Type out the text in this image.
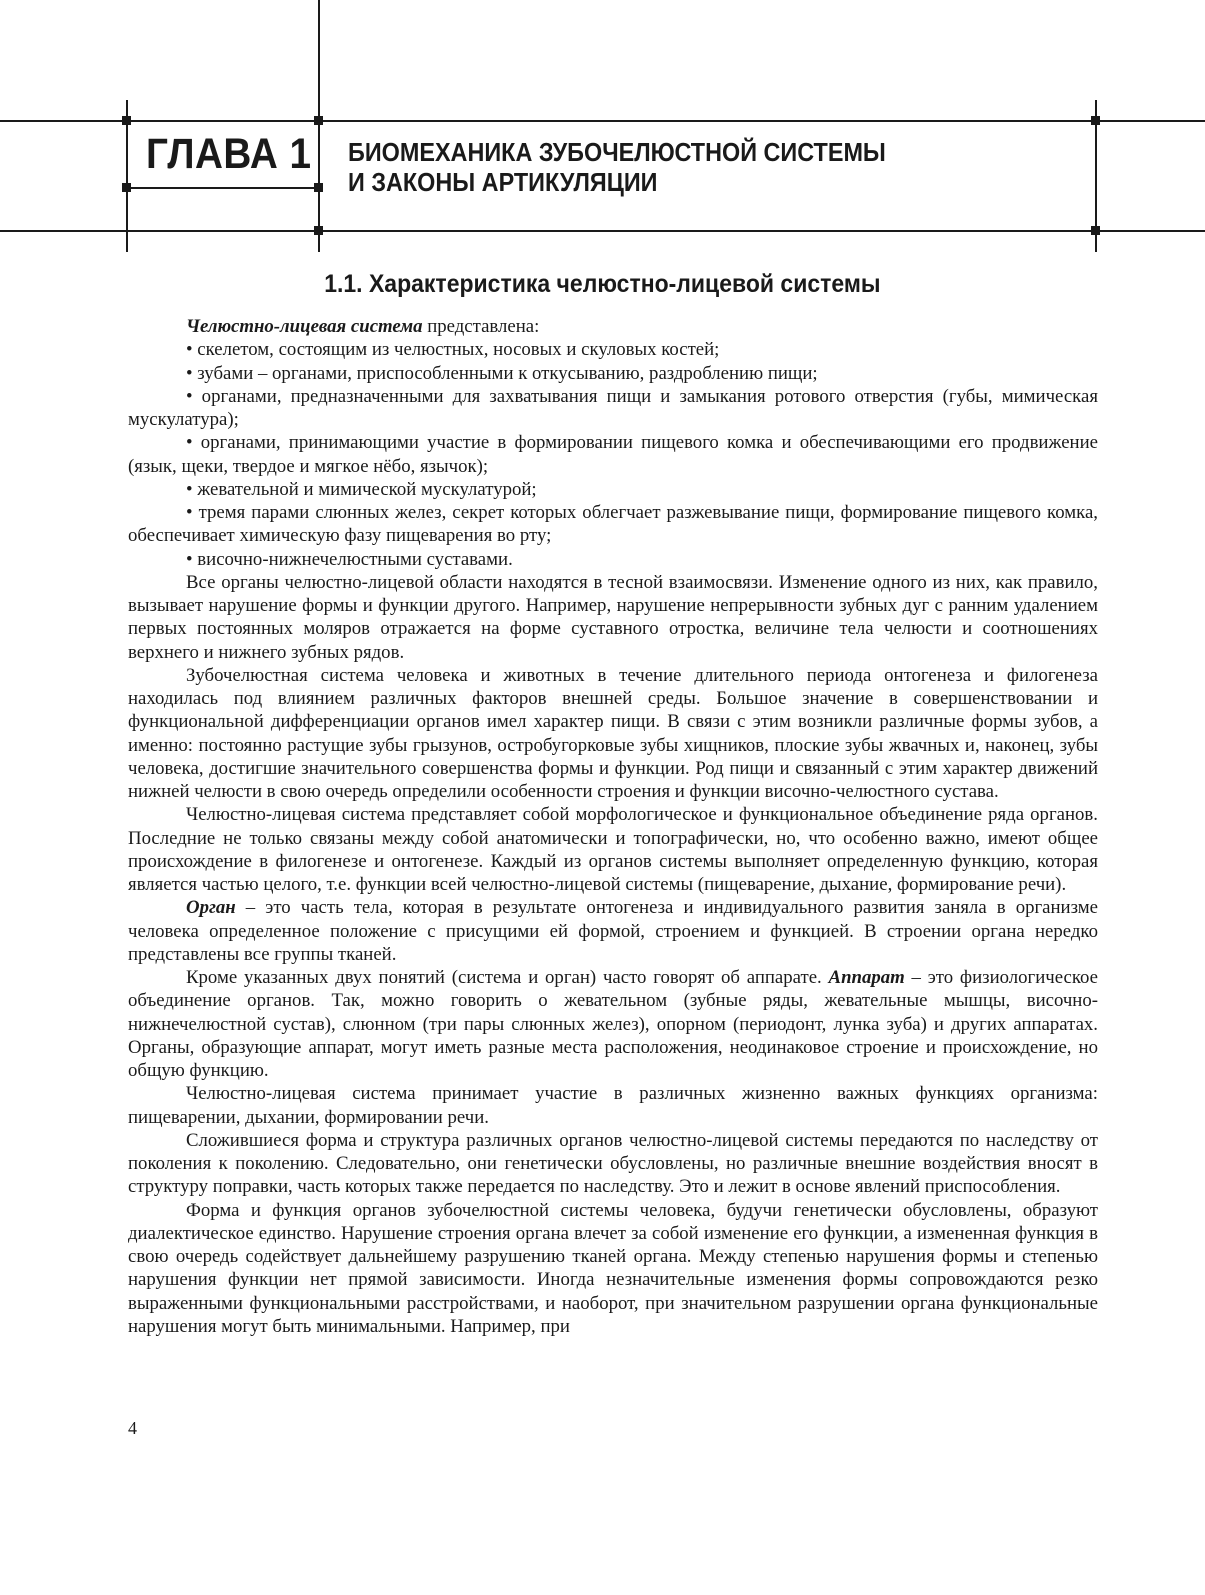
ГЛАВА 1 БИОМЕХАНИКА ЗУБОЧЕЛЮСТНОЙ СИСТЕМЫ
И ЗАКОНЫ АРТИКУЛЯЦИИ
1.1. Характеристика челюстно-лицевой системы

Челюстно-лицевая система представлена:

• скелетом, состоящим из челюстных, носовых и скуловых костей;

• зубами – органами, приспособленными к откусыванию, раздроблению пищи;

• органами, предназначенными для захватывания пищи и замыкания ротового отверстия (губы, мимическая мускулатура);

• органами, принимающими участие в формировании пищевого комка и обеспечивающими его продвижение (язык, щеки, твердое и мягкое нёбо, язычок);

• жевательной и мимической мускулатурой;

• тремя парами слюнных желез, секрет которых облегчает разжевывание пищи, формирование пищевого комка, обеспечивает химическую фазу пищеварения во рту;

• височно-нижнечелюстными суставами.

Все органы челюстно-лицевой области находятся в тесной взаимосвязи. Изменение одного из них, как правило, вызывает нарушение формы и функции другого. Например, нарушение непрерывности зубных дуг с ранним удалением первых постоянных моляров отражается на форме суставного отростка, величине тела челюсти и соотношениях верхнего и нижнего зубных рядов.

Зубочелюстная система человека и животных в течение длительного периода онтогенеза и филогенеза находилась под влиянием различных факторов внешней среды. Большое значение в совершенствовании и функциональной дифференциации органов имел характер пищи. В связи с этим возникли различные формы зубов, а именно: постоянно растущие зубы грызунов, остробугорковые зубы хищников, плоские зубы жвачных и, наконец, зубы человека, достигшие значительного совершенства формы и функции. Род пищи и связанный с этим характер движений нижней челюсти в свою очередь определили особенности строения и функции височно-челюстного сустава.

Челюстно-лицевая система представляет собой морфологическое и функциональное объединение ряда органов. Последние не только связаны между собой анатомически и топографически, но, что особенно важно, имеют общее происхождение в филогенезе и онтогенезе. Каждый из органов системы выполняет определенную функцию, которая является частью целого, т.е. функции всей челюстно-лицевой системы (пищеварение, дыхание, формирование речи).

Орган – это часть тела, которая в результате онтогенеза и индивидуального развития заняла в организме человека определенное положение с присущими ей формой, строением и функцией. В строении органа нередко представлены все группы тканей.

Кроме указанных двух понятий (система и орган) часто говорят об аппарате. Аппарат – это физиологическое объединение органов. Так, можно говорить о жевательном (зубные ряды, жевательные мышцы, височно-нижнечелюстной сустав), слюнном (три пары слюнных желез), опорном (периодонт, лунка зуба) и других аппаратах. Органы, образующие аппарат, могут иметь разные места расположения, неодинаковое строение и происхождение, но общую функцию.

Челюстно-лицевая система принимает участие в различных жизненно важных функциях организма: пищеварении, дыхании, формировании речи.

Сложившиеся форма и структура различных органов челюстно-лицевой системы передаются по наследству от поколения к поколению. Следовательно, они генетически обусловлены, но различные внешние воздействия вносят в структуру поправки, часть которых также передается по наследству. Это и лежит в основе явлений приспособления.

Форма и функция органов зубочелюстной системы человека, будучи генетически обусловлены, образуют диалектическое единство. Нарушение строения органа влечет за собой изменение его функции, а измененная функция в свою очередь содействует дальнейшему разрушению тканей органа. Между степенью нарушения формы и степенью нарушения функции нет прямой зависимости. Иногда незначительные изменения формы сопровождаются резко выраженными функциональными расстройствами, и наоборот, при значительном разрушении органа функциональные нарушения могут быть минимальными. Например, при

4
